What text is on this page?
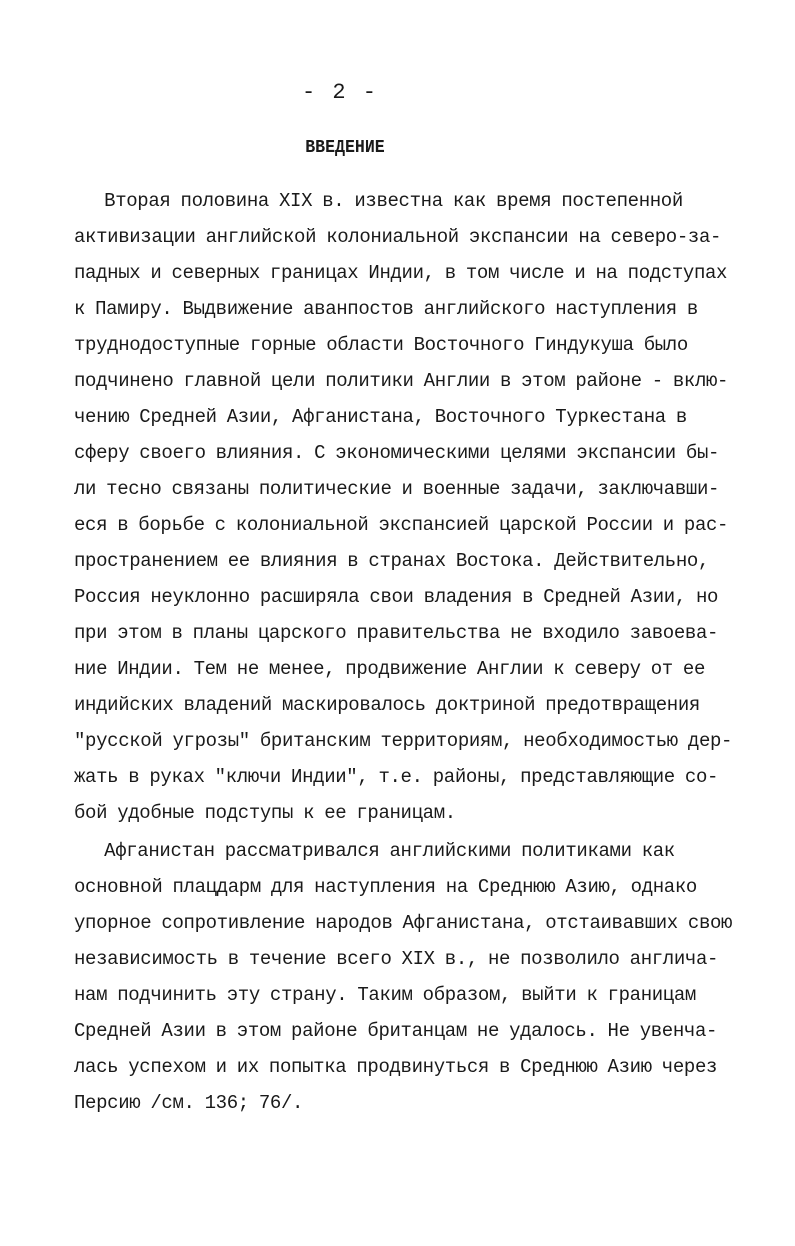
- 2 -
ВВЕДЕНИЕ
Вторая половина XIX в. известна как время постепенной
активизации английской колониальной экспансии на северо-за-
падных и северных границах Индии, в том числе и на подступах
к Памиру. Выдвижение аванпостов английского наступления в
труднодоступные горные области Восточного Гиндукуша было
подчинено главной цели политики Англии в этом районе - вклю-
чению Средней Азии, Афганистана, Восточного Туркестана в
сферу своего влияния. С экономическими целями экспансии бы-
ли тесно связаны политические и военные задачи, заключавши-
еся в борьбе с колониальной экспансией царской России и рас-
пространением ее влияния в странах Востока. Действительно,
Россия неуклонно расширяла свои владения в Средней Азии, но
при этом в планы царского правительства не входило завоева-
ние Индии. Тем не менее, продвижение Англии к северу от ее
индийских владений маскировалось доктриной предотвращения
"русской угрозы" британским территориям, необходимостью дер-
жать в руках "ключи Индии", т.е. районы, представляющие со-
бой удобные подступы к ее границам.
Афганистан рассматривался английскими политиками как
основной плацдарм для наступления на Среднюю Азию, однако
упорное сопротивление народов Афганистана, отстаивавших свою
независимость в течение всего XIX в., не позволило англича-
нам подчинить эту страну. Таким образом, выйти к границам
Средней Азии в этом районе британцам не удалось. Не увенча-
лась успехом и их попытка продвинуться в Среднюю Азию через
Персию /см. 136; 76/.
